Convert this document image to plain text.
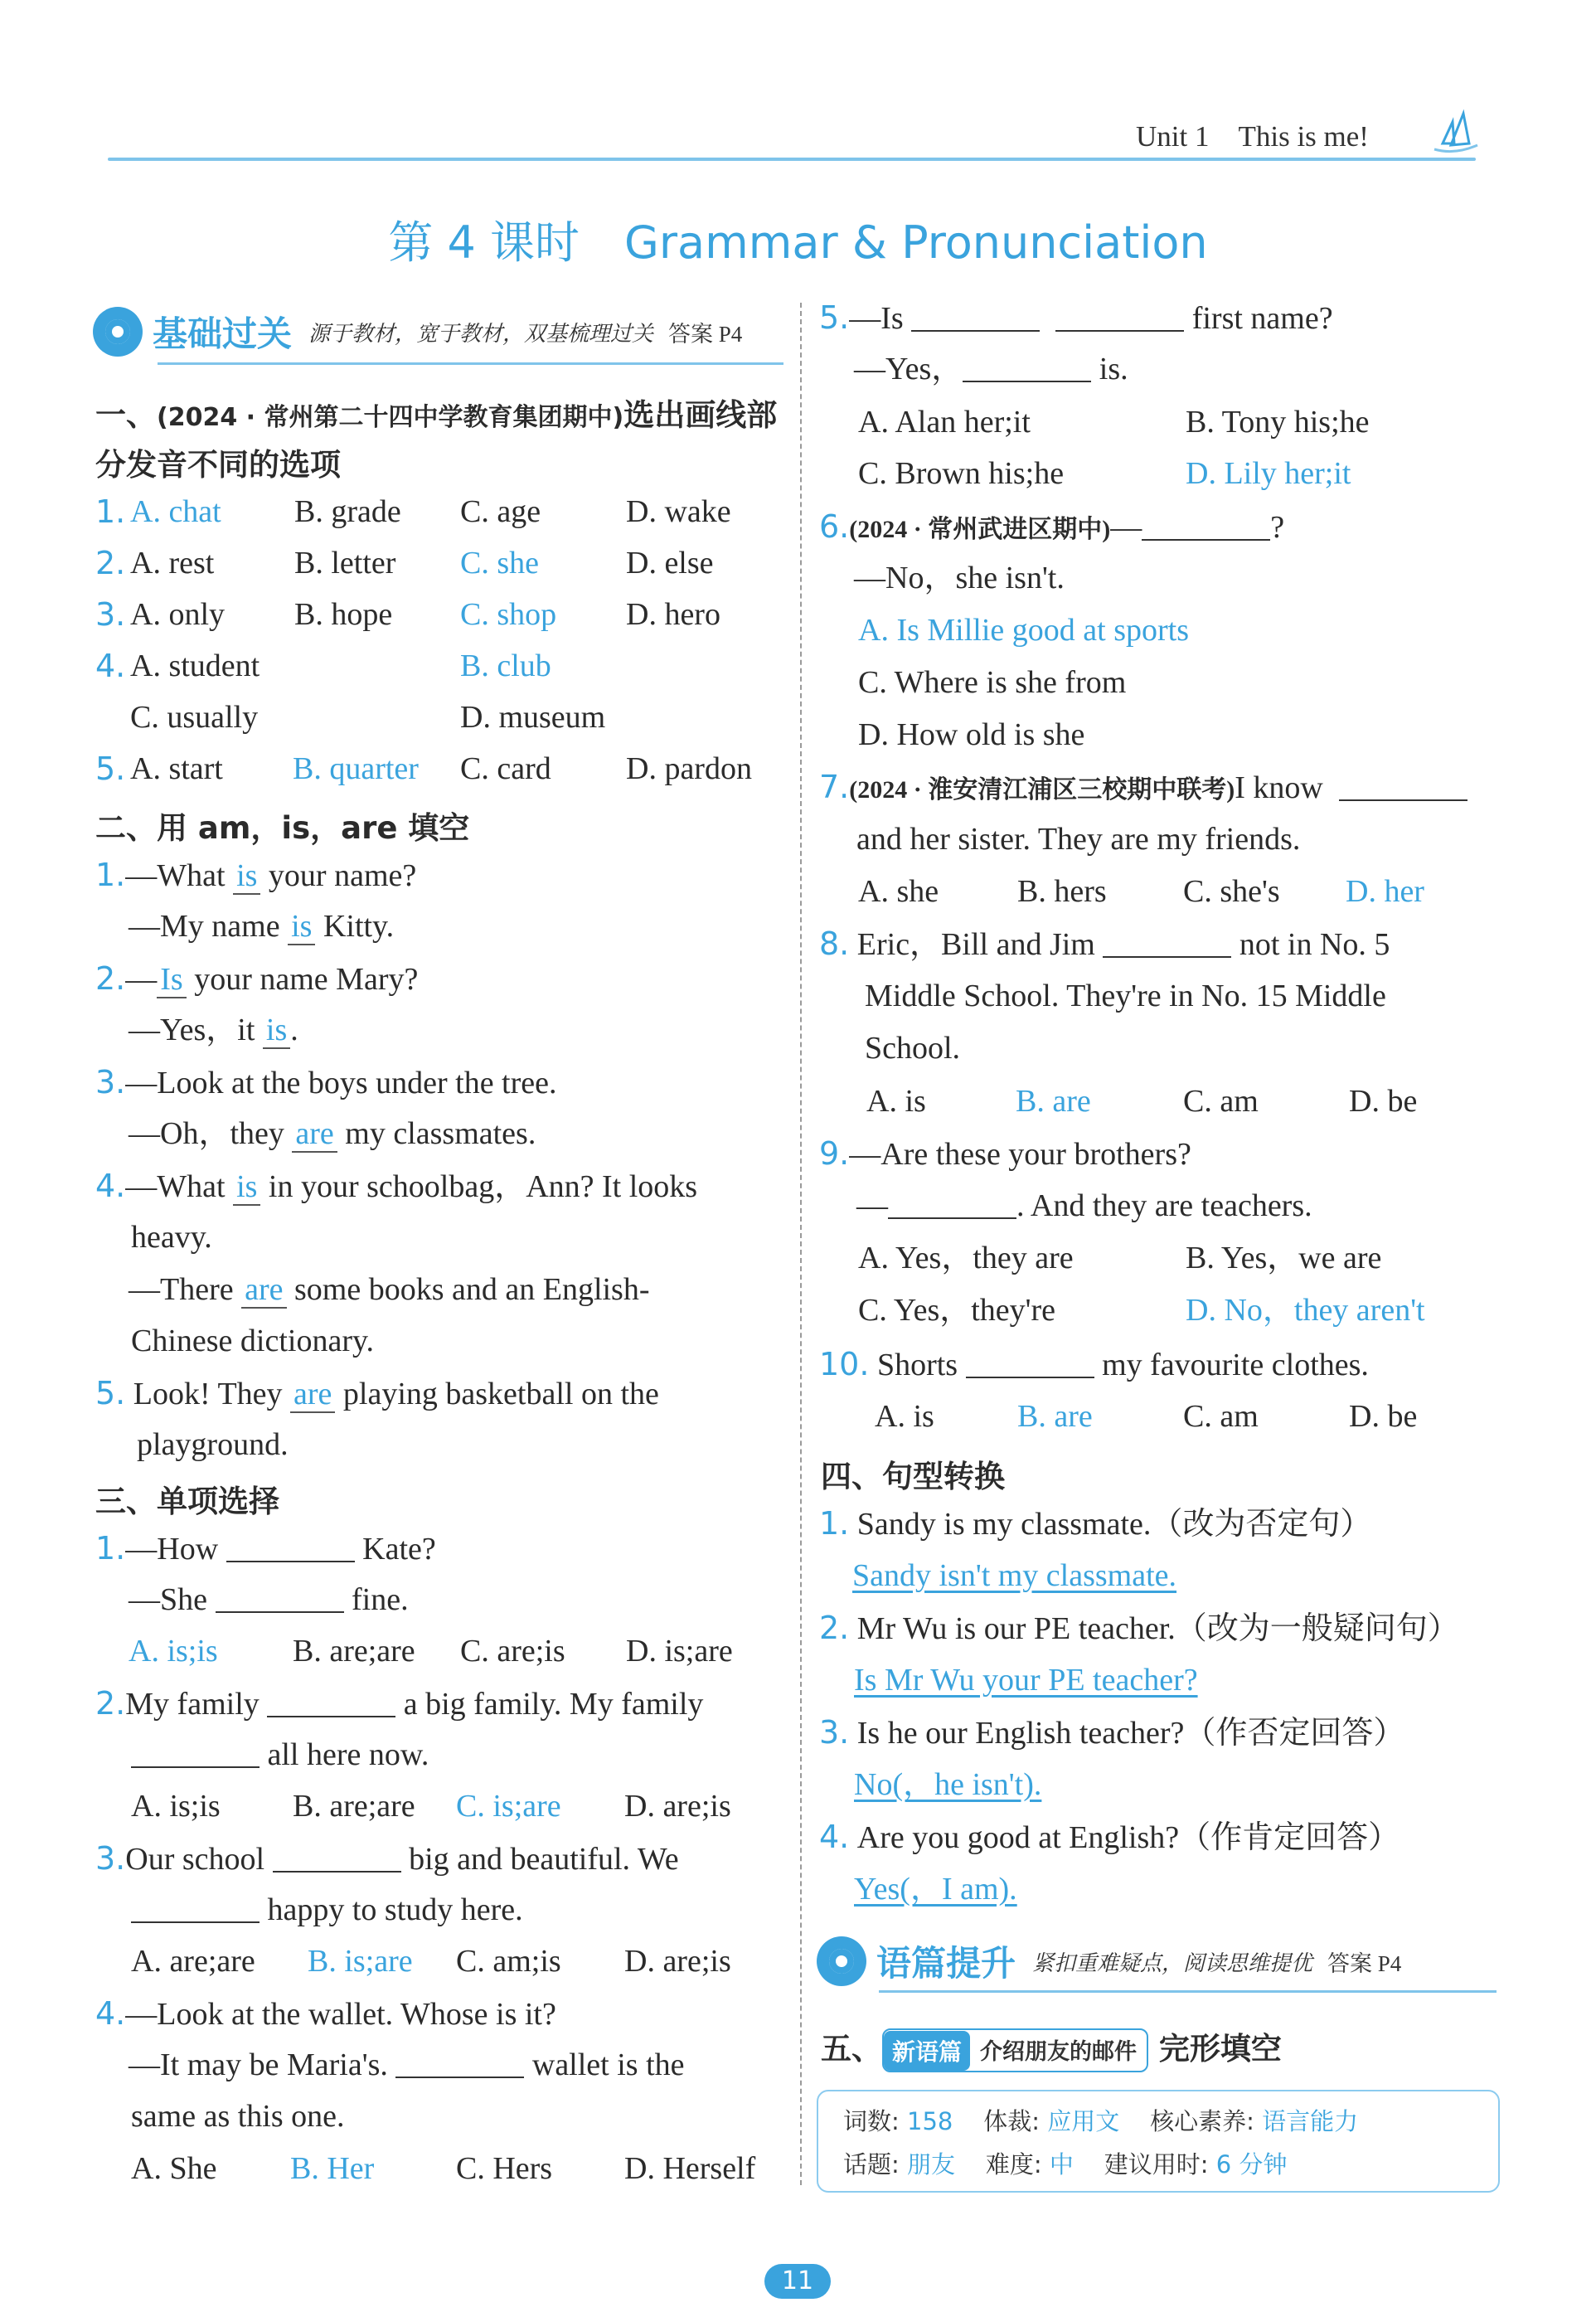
Unit 1 This is me!
第 4 课时　Grammar & Pronunciation
基础过关 源于教材，宽于教材，双基梳理过关 答案 P4
一、(2024 · 常州第二十四中学教育集团期中)选出画线部
分发音不同的选项
1. A. chat B. grade C. age	D. wake
2. A. rest	B. letter C. she	D. else
3. A. only B. hope C. shop D. hero
4. A. student	B. club
C. usually	D. museum
5. A. start B. quarter C. card D. pardon
二、用 am，is，are 填空
1.—What is your name?
—My name is Kitty.
2.— Is your name Mary?
—Yes，it is .
3.—Look at the boys under the tree.
—Oh，they are my classmates.
4.—What is in your schoolbag，Ann? It looks
heavy.
—There are some books and an English-
Chinese dictionary.
5. Look! They are playing basketball on the
playground.
三、单项选择
1.—How	Kate?
—She	fine.
A. is;is B. are;are C. are;is D. is;are
2.My family	a big family. My family
all here now.
A. is;is B. are;are C. is;are D. are;is
3.Our school	big and beautiful. We
happy to study here.
A. are;are B. is;are C. am;is D. are;is
4.—Look at the wallet. Whose is it?
—It may be Maria's.	wallet is the
same as this one.
A. She B. Her	C. Hers D. Herself
5.—Is	first name?
—Yes，	is.
A. Alan her;it	B. Tony his;he
C. Brown his;he	D. Lily her;it
6.(2024 · 常州武进区期中)—	?
—No，she isn't.
A. Is Millie good at sports
C. Where is she from
D. How old is she
7.(2024 · 淮安清江浦区三校期中联考)I know
and her sister. They are my friends.
A. she B. hers C. she's D. her
8. Eric，Bill and Jim	not in No. 5
Middle School. They're in No. 15 Middle
School.
A. is	B. are	C. am	D. be
9.—Are these your brothers?
—	. And they are teachers.
A. Yes，they are	B. Yes，we are
C. Yes，they're	D. No，they aren't
10. Shorts	my favourite clothes.
A. is	B. are	C. am	D. be
四、句型转换
1. Sandy is my classmate.（改为否定句）
Sandy isn't my classmate.
2. Mr Wu is our PE teacher.（改为一般疑问句）
Is Mr Wu your PE teacher?
3. Is he our English teacher?（作否定回答）
No(，he isn't).
4. Are you good at English?（作肯定回答）
Yes(，I am).
语篇提升 紧扣重难疑点，阅读思维提优 答案 P4
五、 新语篇 介绍朋友的邮件 完形填空
词数: 158 体裁: 应用文 核心素养: 语言能力
话题: 朋友 难度: 中 建议用时: 6 分钟
11
